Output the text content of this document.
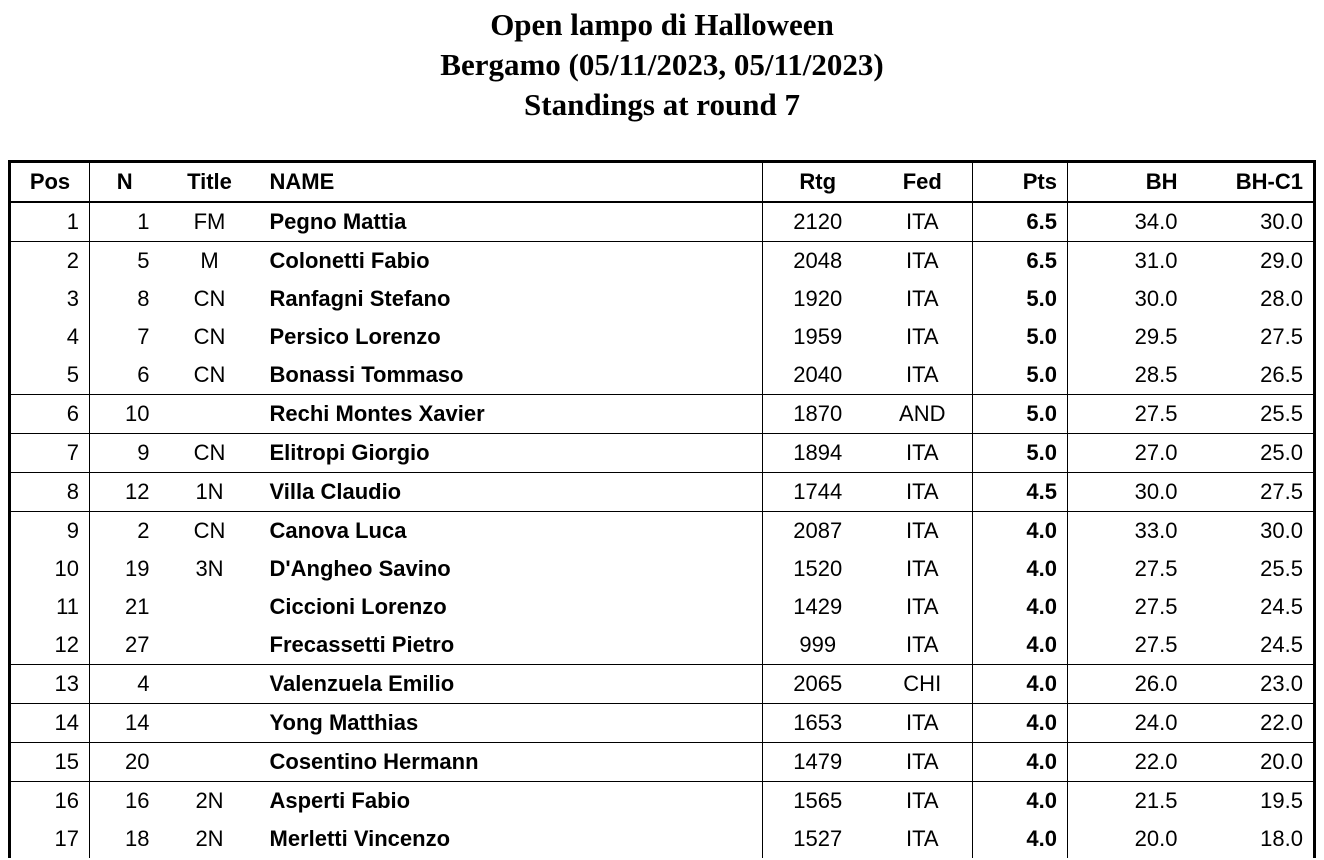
Open lampo di Halloween
Bergamo (05/11/2023, 05/11/2023)
Standings at round 7
Pos	N	Title	NAME	Rtg	Fed	Pts	BH	BH-C1
1	1	FM	Pegno Mattia	2120	ITA	6.5	34.0	30.0
2	5	M	Colonetti Fabio	2048	ITA	6.5	31.0	29.0
3	8	CN	Ranfagni Stefano	1920	ITA	5.0	30.0	28.0
4	7	CN	Persico Lorenzo	1959	ITA	5.0	29.5	27.5
5	6	CN	Bonassi Tommaso	2040	ITA	5.0	28.5	26.5
6	10		Rechi Montes Xavier	1870	AND	5.0	27.5	25.5
7	9	CN	Elitropi Giorgio	1894	ITA	5.0	27.0	25.0
8	12	1N	Villa Claudio	1744	ITA	4.5	30.0	27.5
9	2	CN	Canova Luca	2087	ITA	4.0	33.0	30.0
10	19	3N	D'Angheo Savino	1520	ITA	4.0	27.5	25.5
11	21		Ciccioni Lorenzo	1429	ITA	4.0	27.5	24.5
12	27		Frecassetti Pietro	999	ITA	4.0	27.5	24.5
13	4		Valenzuela Emilio	2065	CHI	4.0	26.0	23.0
14	14		Yong Matthias	1653	ITA	4.0	24.0	22.0
15	20		Cosentino Hermann	1479	ITA	4.0	22.0	20.0
16	16	2N	Asperti Fabio	1565	ITA	4.0	21.5	19.5
17	18	2N	Merletti Vincenzo	1527	ITA	4.0	20.0	18.0
